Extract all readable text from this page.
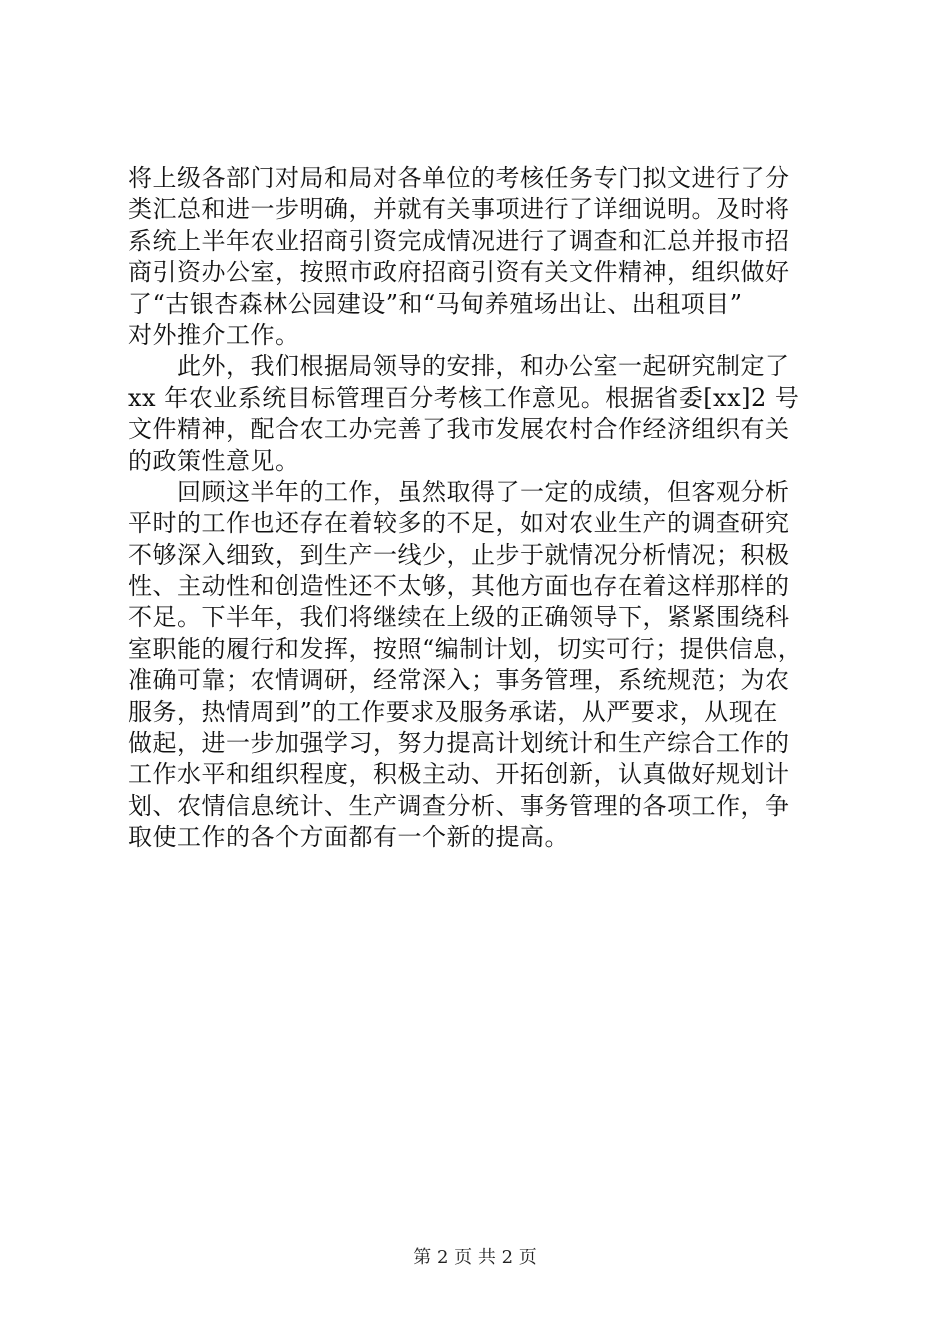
将上级各部门对局和局对各单位的考核任务专门拟文进行了分
类汇总和进一步明确，并就有关事项进行了详细说明。及时将
系统上半年农业招商引资完成情况进行了调查和汇总并报市招
商引资办公室，按照市政府招商引资有关文件精神，组织做好
了“古银杏森林公园建设”和“马甸养殖场出让、出租项目”
对外推介工作。
　　此外，我们根据局领导的安排，和办公室一起研究制定了
xx 年农业系统目标管理百分考核工作意见。根据省委[xx]2 号
文件精神，配合农工办完善了我市发展农村合作经济组织有关
的政策性意见。
　　回顾这半年的工作，虽然取得了一定的成绩，但客观分析
平时的工作也还存在着较多的不足，如对农业生产的调查研究
不够深入细致，到生产一线少，止步于就情况分析情况；积极
性、主动性和创造性还不太够，其他方面也存在着这样那样的
不足。下半年，我们将继续在上级的正确领导下，紧紧围绕科
室职能的履行和发挥，按照“编制计划，切实可行；提供信息，
准确可靠；农情调研，经常深入；事务管理，系统规范；为农
服务，热情周到”的工作要求及服务承诺，从严要求，从现在
做起，进一步加强学习，努力提高计划统计和生产综合工作的
工作水平和组织程度，积极主动、开拓创新，认真做好规划计
划、农情信息统计、生产调查分析、事务管理的各项工作，争
取使工作的各个方面都有一个新的提高。
第 2 页 共 2 页
